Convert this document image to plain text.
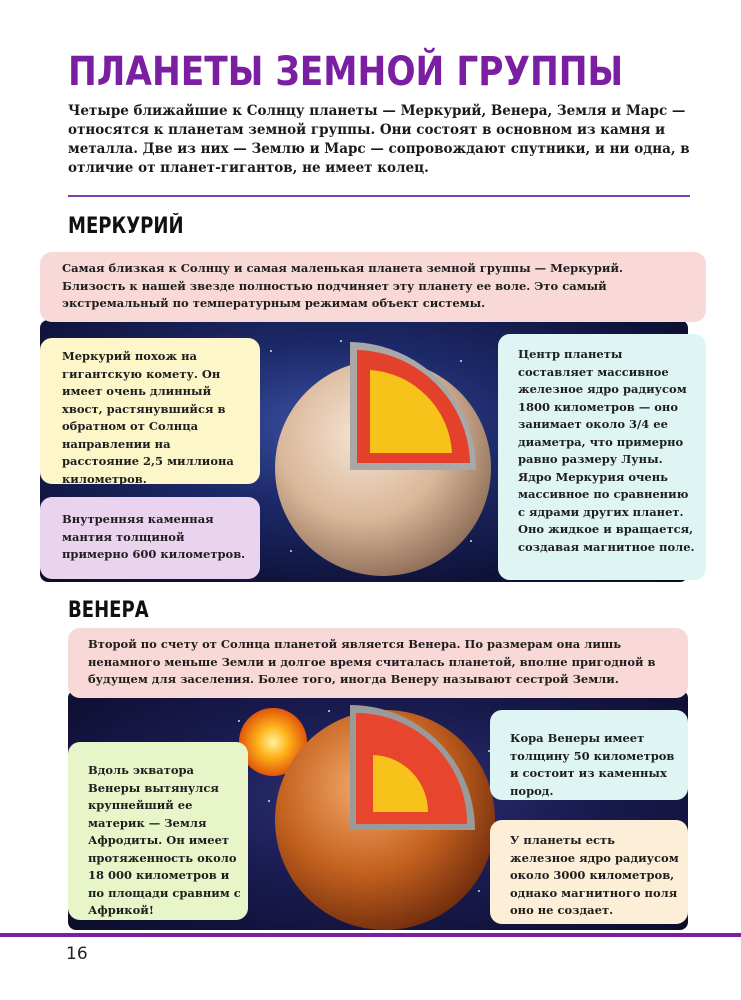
ПЛАНЕТЫ ЗЕМНОЙ ГРУППЫ
Четыре ближайшие к Солнцу планеты — Меркурий, Венера, Земля и Марс — относятся к планетам земной группы. Они состоят в основном из камня и металла. Две из них — Землю и Марс — сопровождают спутники, и ни одна, в отличие от планет-гигантов, не имеет колец.
МЕРКУРИЙ
Самая близкая к Солнцу и самая маленькая планета земной группы — Меркурий. Близость к нашей звезде полностью подчиняет эту планету ее воле. Это самый экстремальный по температурным режимам объект системы.
Меркурий похож на гигантскую комету. Он имеет очень длинный хвост, растянувшийся в обратном от Солнца направлении на расстояние 2,5 миллиона километров.
Внутренняя каменная мантия толщиной примерно 600 километров.
Центр планеты составляет массивное железное ядро радиусом 1800 километров — оно занимает около 3/4 ее диаметра, что примерно равно размеру Луны. Ядро Меркурия очень массивное по сравнению с ядрами других планет. Оно жидкое и вращается, создавая магнитное поле.
ВЕНЕРА
Второй по счету от Солнца планетой является Венера. По размерам она лишь ненамного меньше Земли и долгое время считалась планетой, вполне пригодной в будущем для заселения. Более того, иногда Венеру называют сестрой Земли.
Кора Венеры имеет толщину 50 километров и состоит из каменных пород.
Вдоль экватора Венеры вытянулся крупнейший ее материк — Земля Афродиты. Он имеет протяженность около 18 000 километров и по площади сравним с Африкой!
У планеты есть железное ядро радиусом около 3000 километров, однако магнитного поля оно не создает.
16
